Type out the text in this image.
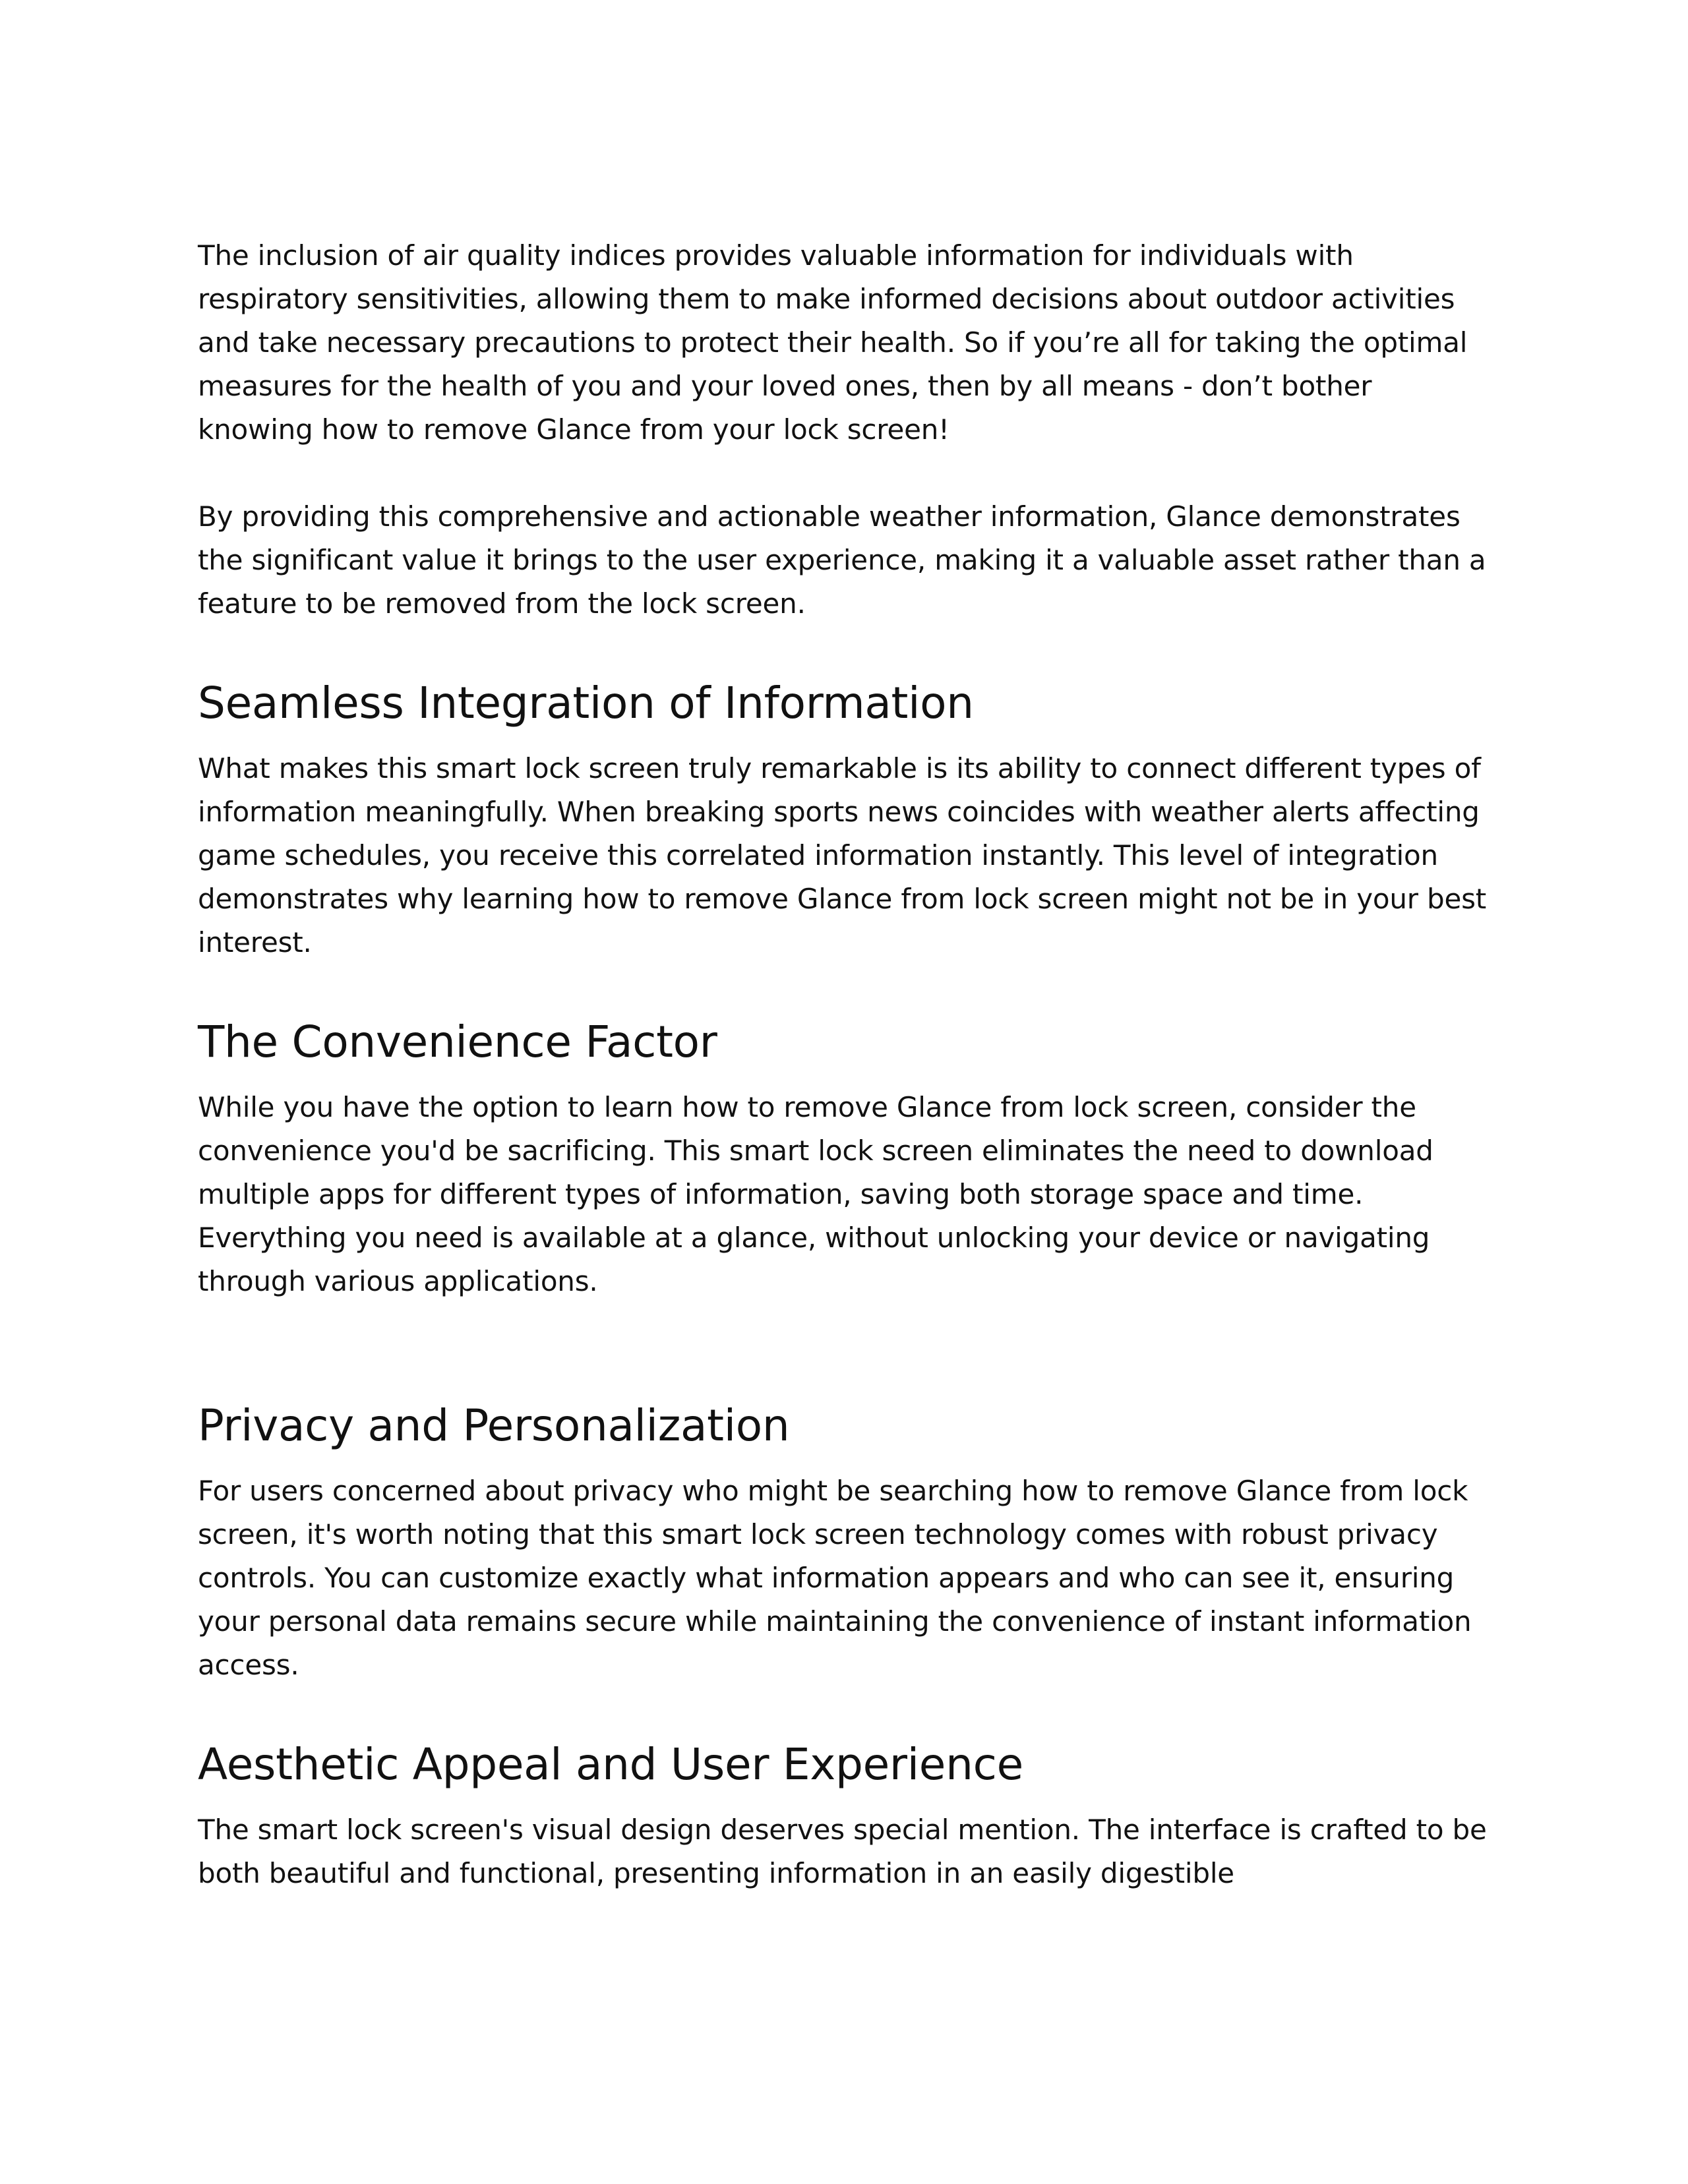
The inclusion of air quality indices provides valuable information for individuals with respiratory sensitivities, allowing them to make informed decisions about outdoor activities and take necessary precautions to protect their health. So if you’re all for taking the optimal measures for the health of you and your loved ones, then by all means - don’t bother knowing how to remove Glance from your lock screen!

By providing this comprehensive and actionable weather information, Glance demonstrates the significant value it brings to the user experience, making it a valuable asset rather than a feature to be removed from the lock screen.

Seamless Integration of Information

What makes this smart lock screen truly remarkable is its ability to connect different types of information meaningfully. When breaking sports news coincides with weather alerts affecting game schedules, you receive this correlated information instantly. This level of integration demonstrates why learning how to remove Glance from lock screen might not be in your best interest.

The Convenience Factor

While you have the option to learn how to remove Glance from lock screen, consider the convenience you'd be sacrificing. This smart lock screen eliminates the need to download multiple apps for different types of information, saving both storage space and time. Everything you need is available at a glance, without unlocking your device or navigating through various applications.

Privacy and Personalization

For users concerned about privacy who might be searching how to remove Glance from lock screen, it's worth noting that this smart lock screen technology comes with robust privacy controls. You can customize exactly what information appears and who can see it, ensuring your personal data remains secure while maintaining the convenience of instant information access.

Aesthetic Appeal and User Experience

The smart lock screen's visual design deserves special mention. The interface is crafted to be both beautiful and functional, presenting information in an easily digestible
